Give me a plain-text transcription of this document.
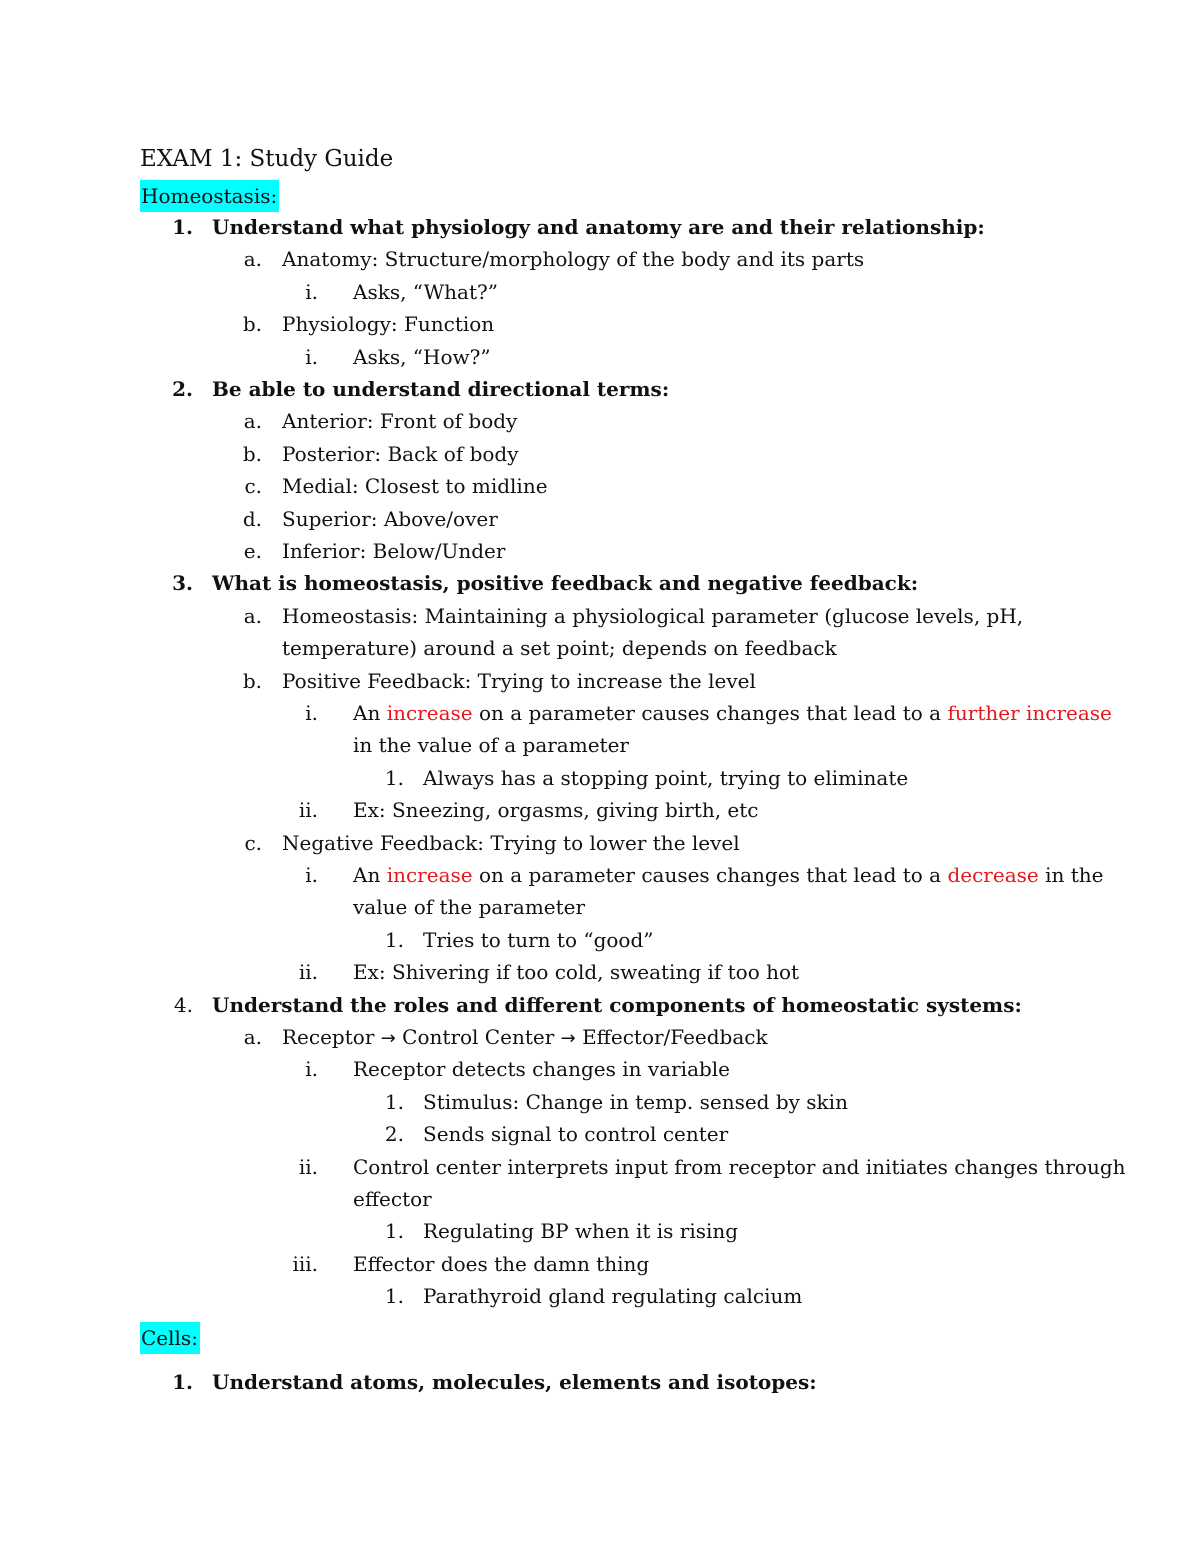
EXAM 1: Study Guide
Homeostasis:
1. Understand what physiology and anatomy are and their relationship:
a. Anatomy: Structure/morphology of the body and its parts
i. Asks, “What?”
b. Physiology: Function
i. Asks, “How?”
2. Be able to understand directional terms:
a. Anterior: Front of body
b. Posterior: Back of body
c. Medial: Closest to midline
d. Superior: Above/over
e. Inferior: Below/Under
3. What is homeostasis, positive feedback and negative feedback:
a. Homeostasis: Maintaining a physiological parameter (glucose levels, pH,
temperature) around a set point; depends on feedback
b. Positive Feedback: Trying to increase the level
i. An increase on a parameter causes changes that lead to a further increase
in the value of a parameter
1. Always has a stopping point, trying to eliminate
ii. Ex: Sneezing, orgasms, giving birth, etc
c. Negative Feedback: Trying to lower the level
i. An increase on a parameter causes changes that lead to a decrease in the
value of the parameter
1. Tries to turn to “good”
ii. Ex: Shivering if too cold, sweating if too hot
4. Understand the roles and different components of homeostatic systems:
a. Receptor → Control Center → Effector/Feedback
i. Receptor detects changes in variable
1. Stimulus: Change in temp. sensed by skin
2. Sends signal to control center
ii. Control center interprets input from receptor and initiates changes through
effector
1. Regulating BP when it is rising
iii. Effector does the damn thing
1. Parathyroid gland regulating calcium
Cells:
1. Understand atoms, molecules, elements and isotopes:
